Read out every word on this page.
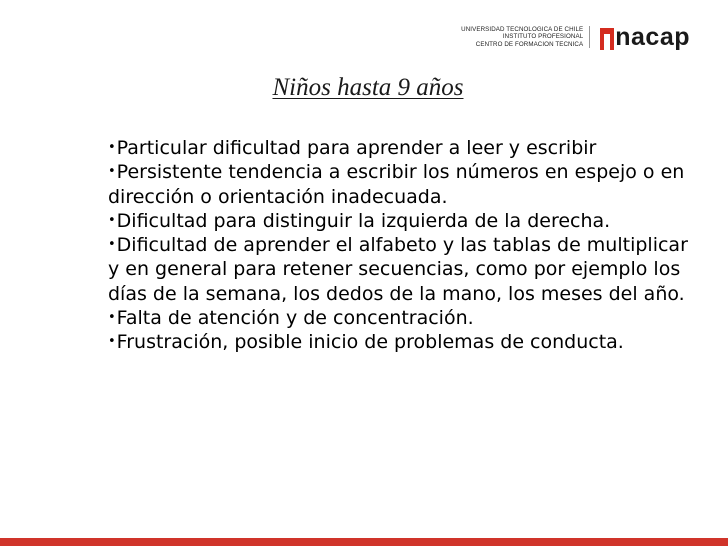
UNIVERSIDAD TECNOLOGICA DE CHILE
INSTITUTO PROFESIONAL
CENTRO DE FORMACION TECNICA nacap
Niños hasta 9 años
•Particular dificultad para aprender a leer y escribir
•Persistente tendencia a escribir los números en espejo o en dirección o orientación inadecuada.
•Dificultad para distinguir la izquierda de la derecha.
•Dificultad de aprender el alfabeto y las tablas de multiplicar y en general para retener secuencias, como por ejemplo los días de la semana, los dedos de la mano, los meses del año.
•Falta de atención y de concentración.
•Frustración, posible inicio de problemas de conducta.
